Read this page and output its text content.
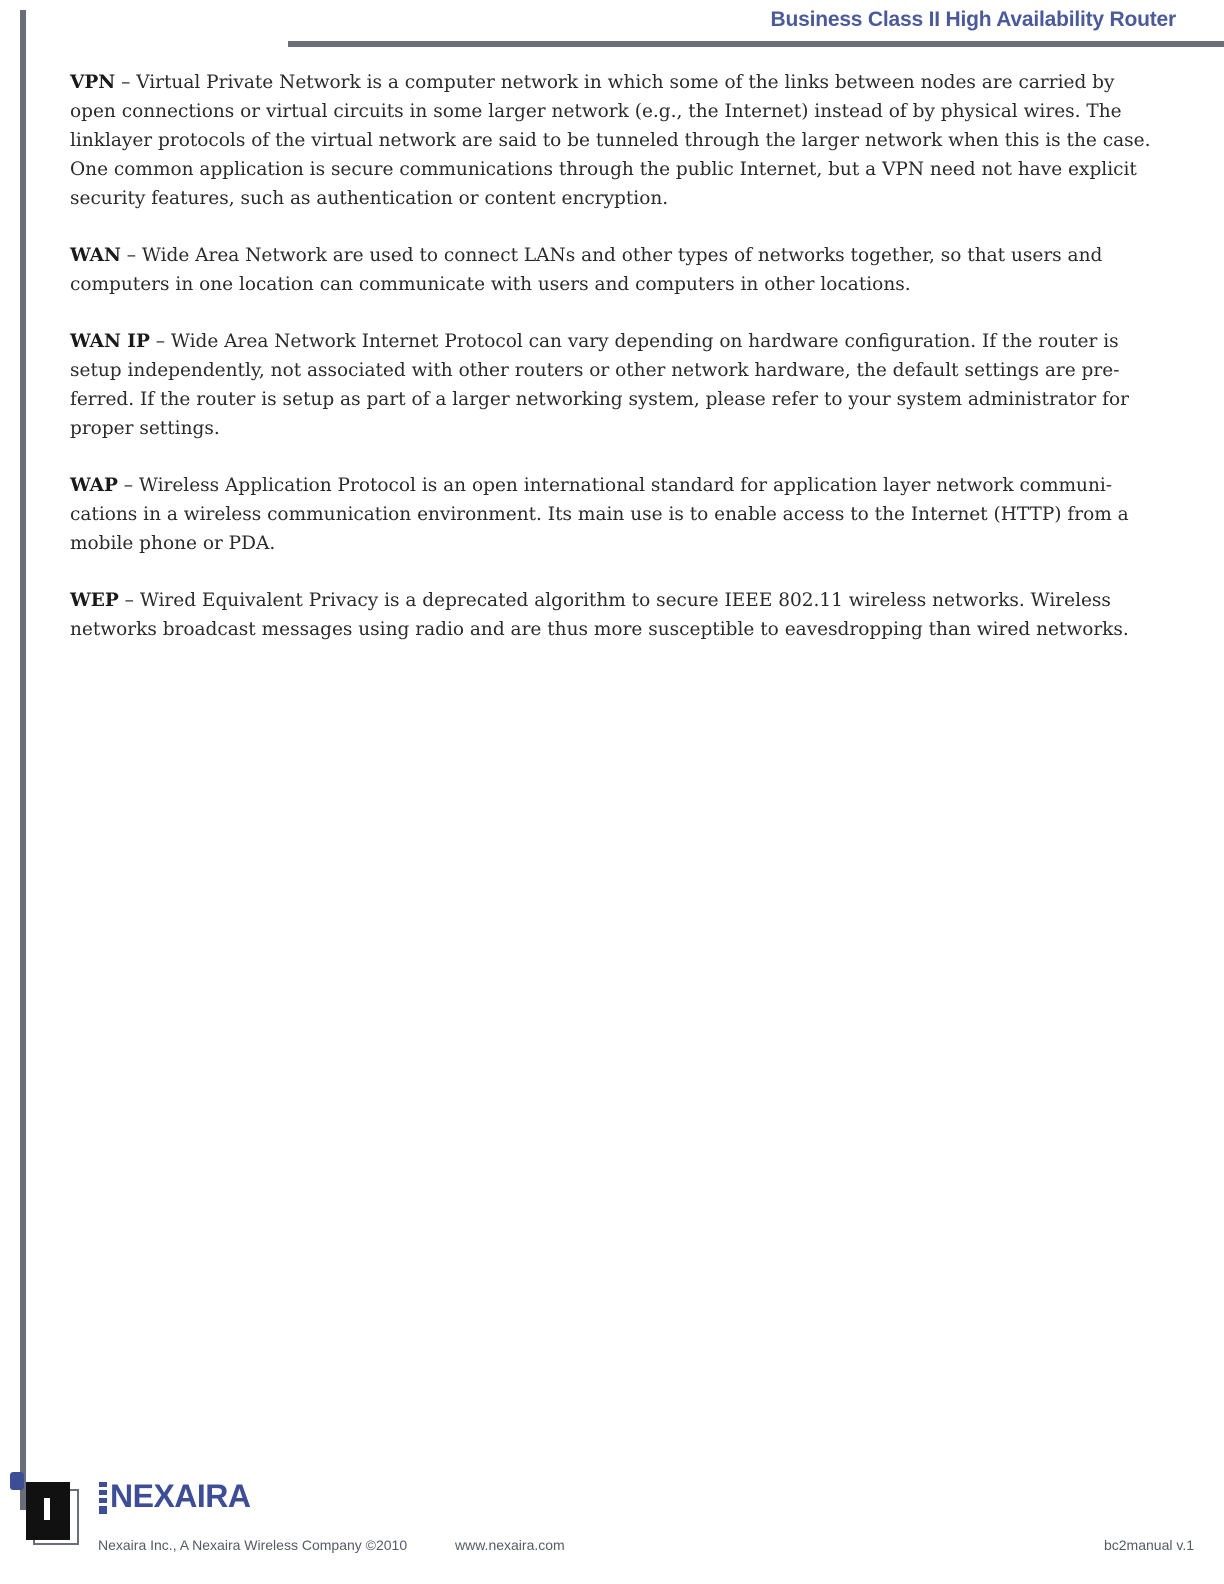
Business Class II High Availability Router

VPN – Virtual Private Network is a computer network in which some of the links between nodes are carried by open connections or virtual circuits in some larger network (e.g., the Internet) instead of by physical wires. The linklayer protocols of the virtual network are said to be tunneled through the larger network when this is the case. One common application is secure communications through the public Internet, but a VPN need not have explicit security features, such as authentication or content encryption.

WAN – Wide Area Network are used to connect LANs and other types of networks together, so that users and computers in one location can communicate with users and computers in other locations.

WAN IP – Wide Area Network Internet Protocol can vary depending on hardware configuration. If the router is setup independently, not associated with other routers or other network hardware, the default settings are pre-ferred. If the router is setup as part of a larger networking system, please refer to your system administrator for proper settings.

WAP – Wireless Application Protocol is an open international standard for application layer network communi-cations in a wireless communication environment. Its main use is to enable access to the Internet (HTTP) from a mobile phone or PDA.

WEP – Wired Equivalent Privacy is a deprecated algorithm to secure IEEE 802.11 wireless networks. Wireless networks broadcast messages using radio and are thus more susceptible to eavesdropping than wired networks.

NEXAIRA
Nexaira Inc., A Nexaira Wireless Company ©2010	www.nexaira.com	bc2manual v.1
